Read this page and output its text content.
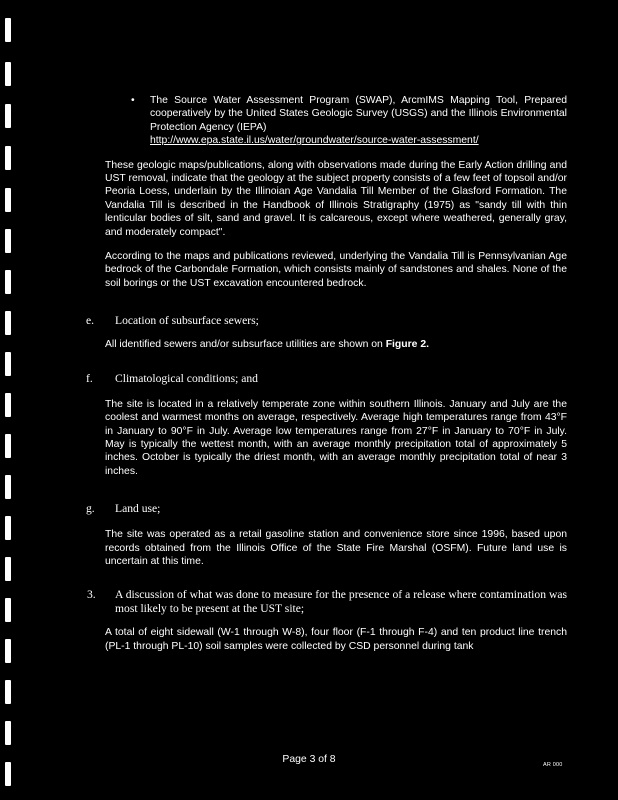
• The Source Water Assessment Program (SWAP), ArcmIMS Mapping Tool, Prepared cooperatively by the United States Geologic Survey (USGS) and the Illinois Environmental Protection Agency (IEPA)
http://www.epa.state.il.us/water/groundwater/source-water-assessment/

These geologic maps/publications, along with observations made during the Early Action drilling and UST removal, indicate that the geology at the subject property consists of a few feet of topsoil and/or Peoria Loess, underlain by the Illinoian Age Vandalia Till Member of the Glasford Formation. The Vandalia Till is described in the Handbook of Illinois Stratigraphy (1975) as "sandy till with thin lenticular bodies of silt, sand and gravel. It is calcareous, except where weathered, generally gray, and moderately compact".

According to the maps and publications reviewed, underlying the Vandalia Till is Pennsylvanian Age bedrock of the Carbondale Formation, which consists mainly of sandstones and shales. None of the soil borings or the UST excavation encountered bedrock.

e. Location of subsurface sewers;

All identified sewers and/or subsurface utilities are shown on Figure 2.

f. Climatological conditions; and

The site is located in a relatively temperate zone within southern Illinois. January and July are the coolest and warmest months on average, respectively. Average high temperatures range from 43°F in January to 90°F in July. Average low temperatures range from 27°F in January to 70°F in July. May is typically the wettest month, with an average monthly precipitation total of approximately 5 inches. October is typically the driest month, with an average monthly precipitation total of near 3 inches.

g. Land use;

The site was operated as a retail gasoline station and convenience store since 1996, based upon records obtained from the Illinois Office of the State Fire Marshal (OSFM). Future land use is uncertain at this time.

3. A discussion of what was done to measure for the presence of a release where contamination was most likely to be present at the UST site;

A total of eight sidewall (W-1 through W-8), four floor (F-1 through F-4) and ten product line trench (PL-1 through PL-10) soil samples were collected by CSD personnel during tank

Page 3 of 8	AR 000
